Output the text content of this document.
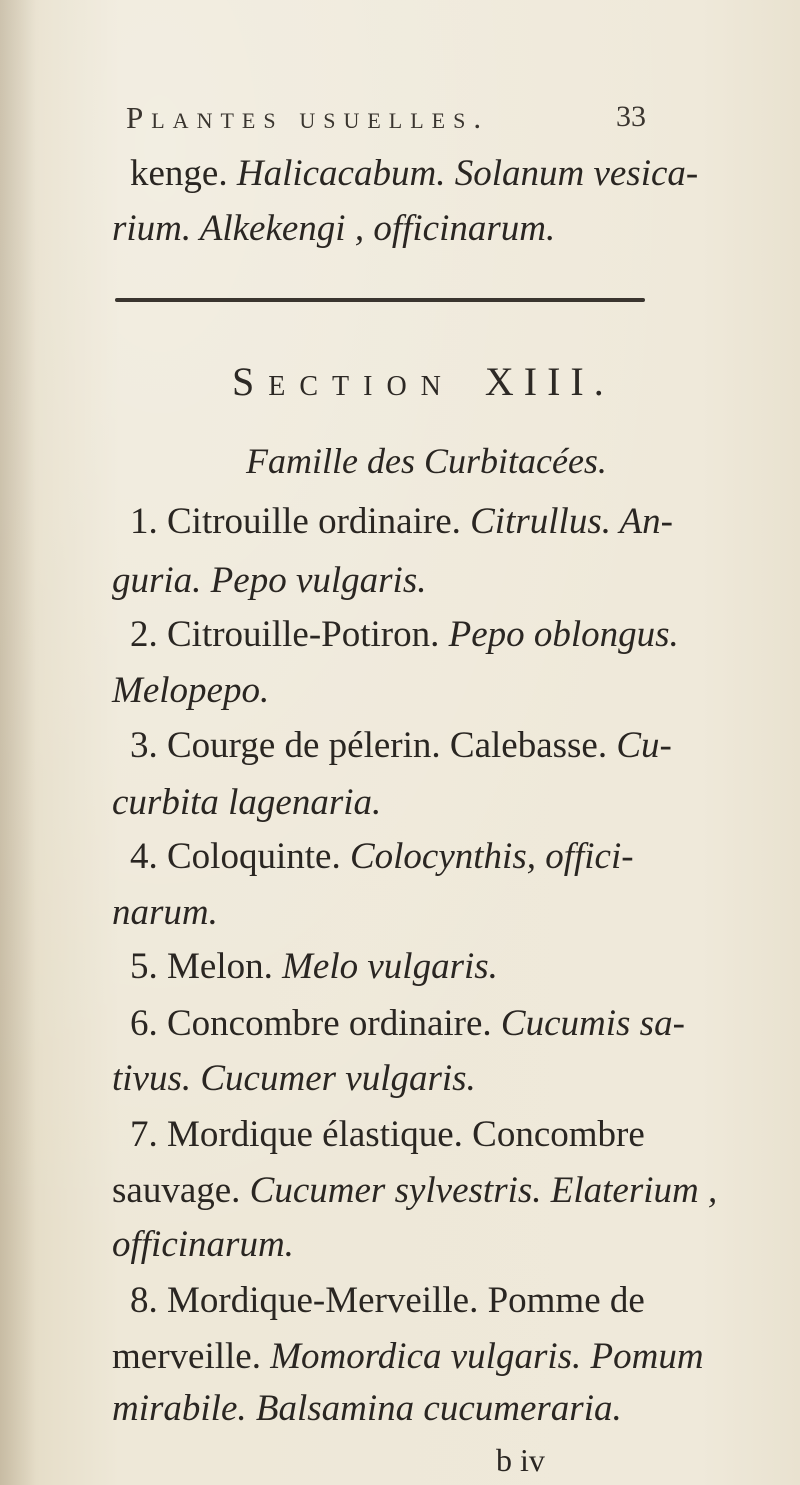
Plantes usuelles.	33
kenge. Halicacabum. Solanum vesica-
rium. Alkekengi , officinarum.
Section XIII.
Famille des Curbitacées.
1. Citrouille ordinaire. Citrullus. An-
guria. Pepo vulgaris.
2. Citrouille-Potiron. Pepo oblongus.
Melopepo.
3. Courge de pélerin. Calebasse. Cu-
curbita lagenaria.
4. Coloquinte. Colocynthis, offici-
narum.
5. Melon. Melo vulgaris.
6. Concombre ordinaire. Cucumis sa-
tivus. Cucumer vulgaris.
7. Mordique élastique. Concombre
sauvage. Cucumer sylvestris. Elaterium ,
officinarum.
8. Mordique-Merveille. Pomme de
merveille. Momordica vulgaris. Pomum
mirabile. Balsamina cucumeraria.
b iv
